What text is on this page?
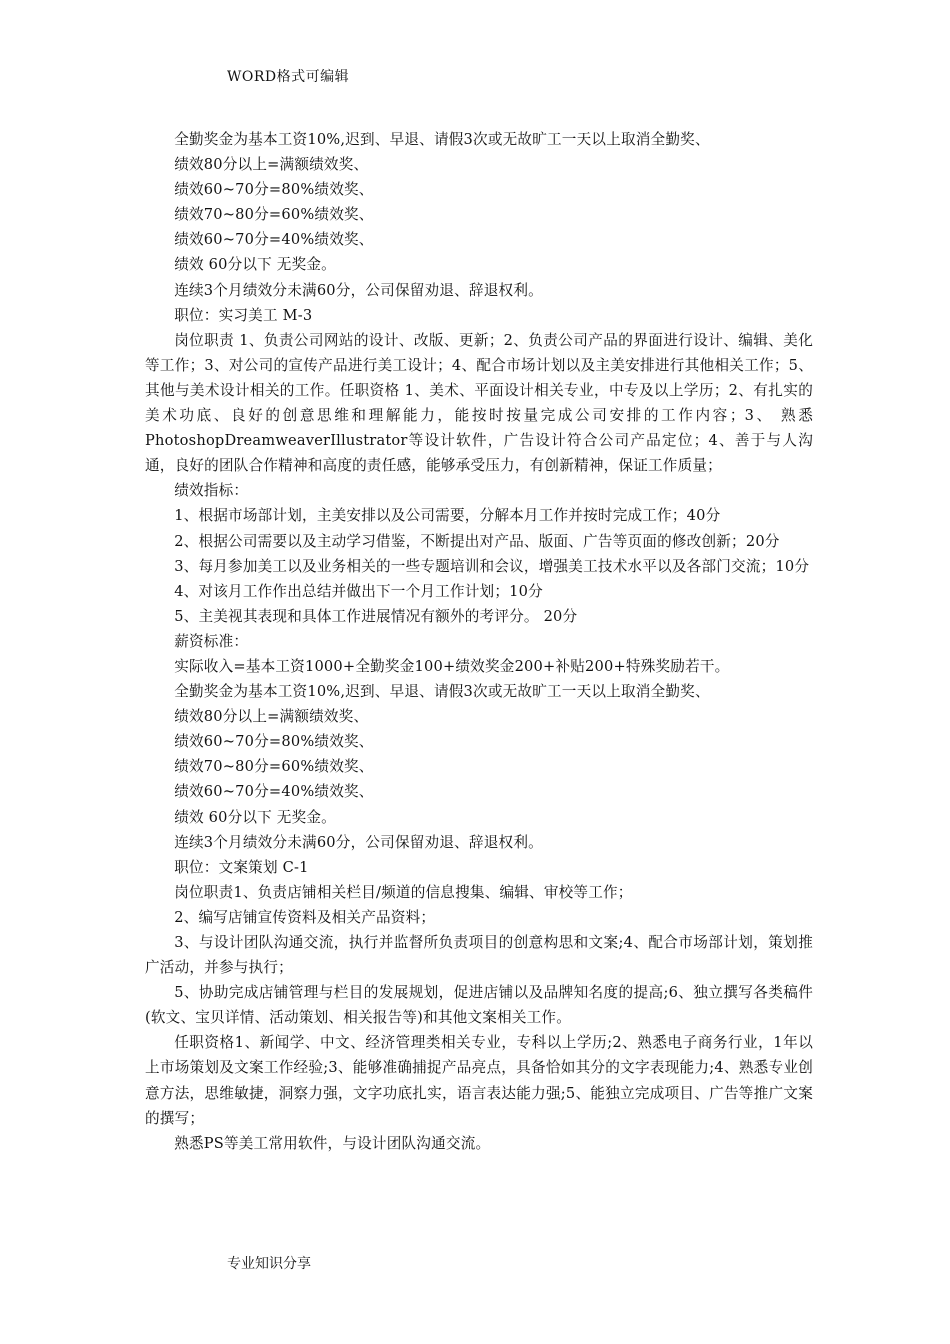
WORD格式可编辑

全勤奖金为基本工资10%,迟到、早退、请假3次或无故旷工一天以上取消全勤奖、

绩效80分以上=满额绩效奖、

绩效60~70分=80%绩效奖、

绩效70~80分=60%绩效奖、

绩效60~70分=40%绩效奖、

绩效 60分以下 无奖金。

连续3个月绩效分未满60分，公司保留劝退、辞退权利。

职位：实习美工 M-3

岗位职责 1、负责公司网站的设计、改版、更新；2、负责公司产品的界面进行设计、编辑、美化等工作；3、对公司的宣传产品进行美工设计；4、配合市场计划以及主美安排进行其他相关工作；5、其他与美术设计相关的工作。任职资格 1、美术、平面设计相关专业，中专及以上学历；2、有扎实的美术功底、良好的创意思维和理解能力，能按时按量完成公司安排的工作内容；3、 熟悉PhotoshopDreamweaverIllustrator等设计软件，广告设计符合公司产品定位；4、善于与人沟通，良好的团队合作精神和高度的责任感，能够承受压力，有创新精神，保证工作质量；

绩效指标：

1、根据市场部计划，主美安排以及公司需要，分解本月工作并按时完成工作；40分

2、根据公司需要以及主动学习借鉴，不断提出对产品、版面、广告等页面的修改创新；20分

3、每月参加美工以及业务相关的一些专题培训和会议，增强美工技术水平以及各部门交流；10分

4、对该月工作作出总结并做出下一个月工作计划；10分

5、主美视其表现和具体工作进展情况有额外的考评分。 20分

薪资标准：

实际收入=基本工资1000+全勤奖金100+绩效奖金200+补贴200+特殊奖励若干。

全勤奖金为基本工资10%,迟到、早退、请假3次或无故旷工一天以上取消全勤奖、

绩效80分以上=满额绩效奖、

绩效60~70分=80%绩效奖、

绩效70~80分=60%绩效奖、

绩效60~70分=40%绩效奖、

绩效 60分以下 无奖金。

连续3个月绩效分未满60分，公司保留劝退、辞退权利。

职位：文案策划 C-1

岗位职责1、负责店铺相关栏目/频道的信息搜集、编辑、审校等工作；

2、编写店铺宣传资料及相关产品资料；

3、与设计团队沟通交流，执行并监督所负责项目的创意构思和文案;4、配合市场部计划，策划推广活动，并参与执行；

5、协助完成店铺管理与栏目的发展规划，促进店铺以及品牌知名度的提高;6、独立撰写各类稿件(软文、宝贝详情、活动策划、相关报告等)和其他文案相关工作。

任职资格1、新闻学、中文、经济管理类相关专业，专科以上学历;2、熟悉电子商务行业，1年以上市场策划及文案工作经验;3、能够准确捕捉产品亮点，具备恰如其分的文字表现能力;4、熟悉专业创意方法，思维敏捷，洞察力强，文字功底扎实，语言表达能力强;5、能独立完成项目、广告等推广文案的撰写；

熟悉PS等美工常用软件，与设计团队沟通交流。

专业知识分享
